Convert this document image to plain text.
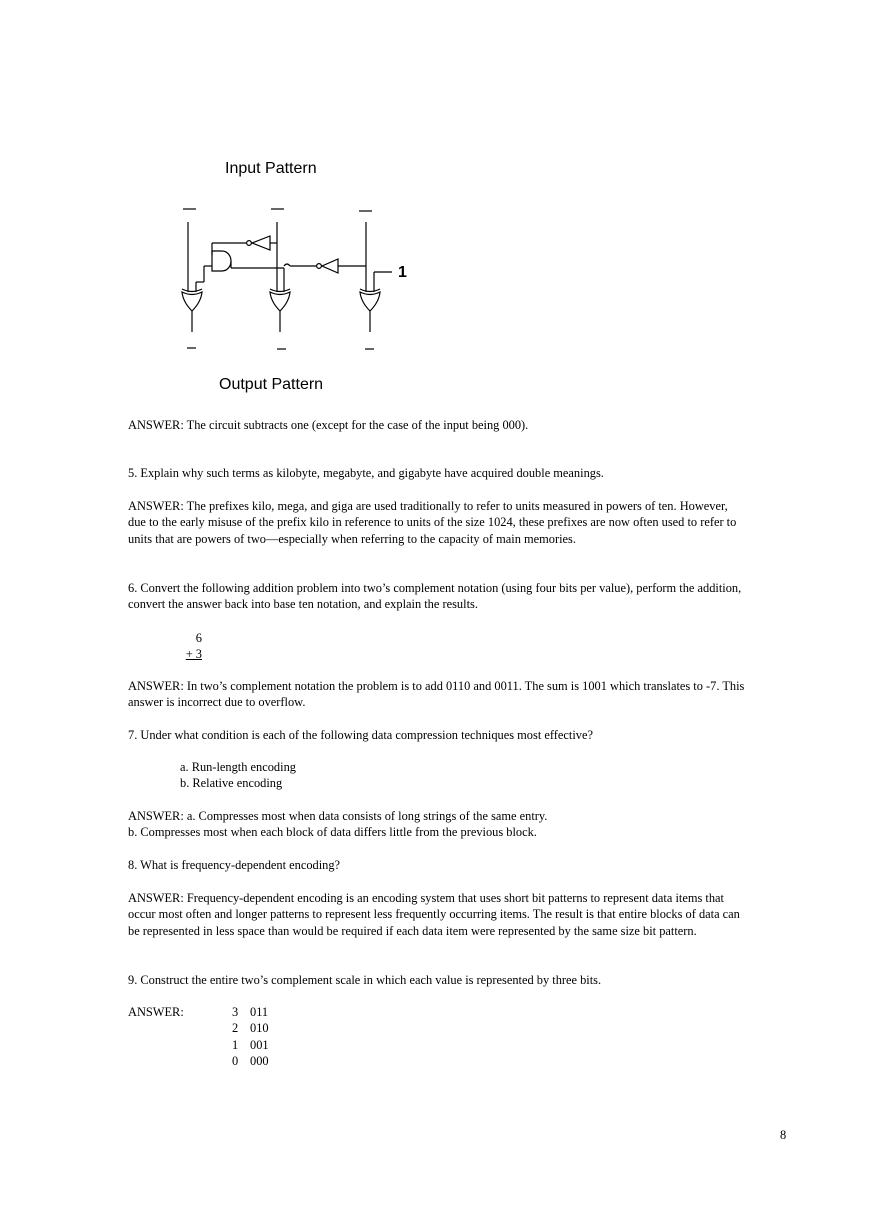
Input Pattern
Output Pattern
1

ANSWER: The circuit subtracts one (except for the case of the input being 000).

5. Explain why such terms as kilobyte, megabyte, and gigabyte have acquired double meanings.

ANSWER: The prefixes kilo, mega, and giga are used traditionally to refer to units measured in powers of ten. However, due to the early misuse of the prefix kilo in reference to units of the size 1024, these prefixes are now often used to refer to units that are powers of two—especially when referring to the capacity of main memories.

6. Convert the following addition problem into two’s complement notation (using four bits per value), perform the addition, convert the answer back into base ten notation, and explain the results.

6
+ 3

ANSWER: In two’s complement notation the problem is to add 0110 and 0011. The sum is 1001 which translates to -7. This answer is incorrect due to overflow.

7. Under what condition is each of the following data compression techniques most effective?

a. Run-length encoding
b. Relative encoding

ANSWER: a. Compresses most when data consists of long strings of the same entry.

b. Compresses most when each block of data differs little from the previous block.

8. What is frequency-dependent encoding?

ANSWER: Frequency-dependent encoding is an encoding system that uses short bit patterns to represent data items that occur most often and longer patterns to represent less frequently occurring items. The result is that entire blocks of data can be represented in less space than would be required if each data item were represented by the same size bit pattern.

9. Construct the entire two’s complement scale in which each value is represented by three bits.

ANSWER:	3 011
2 010
1 001
0 000
8
